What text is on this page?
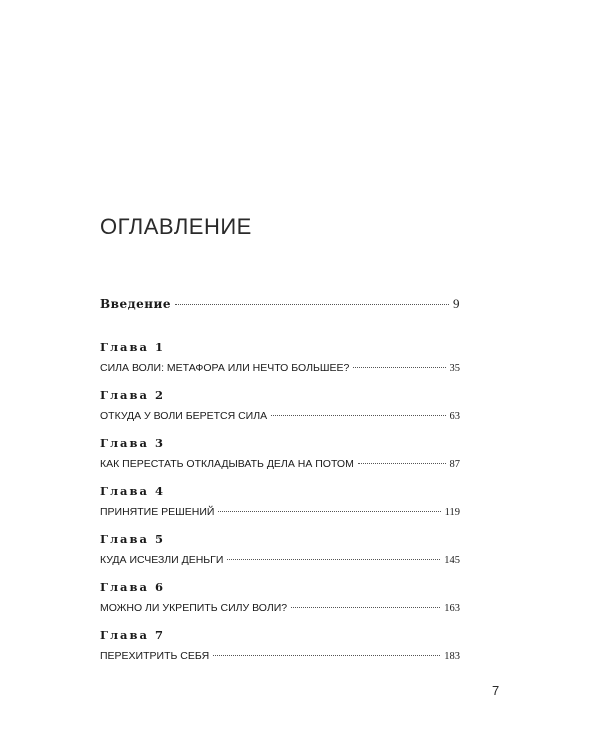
ОГЛАВЛЕНИЕ
Введение	9
Глава 1
СИЛА ВОЛИ: МЕТАФОРА ИЛИ НЕЧТО БОЛЬШЕЕ?	35
Глава 2
ОТКУДА У ВОЛИ БЕРЕТСЯ СИЛА	63
Глава 3
КАК ПЕРЕСТАТЬ ОТКЛАДЫВАТЬ ДЕЛА НА ПОТОМ	87
Глава 4
ПРИНЯТИЕ РЕШЕНИЙ	119
Глава 5
КУДА ИСЧЕЗЛИ ДЕНЬГИ	145
Глава 6
МОЖНО ЛИ УКРЕПИТЬ СИЛУ ВОЛИ?	163
Глава 7
ПЕРЕХИТРИТЬ СЕБЯ	183
7
